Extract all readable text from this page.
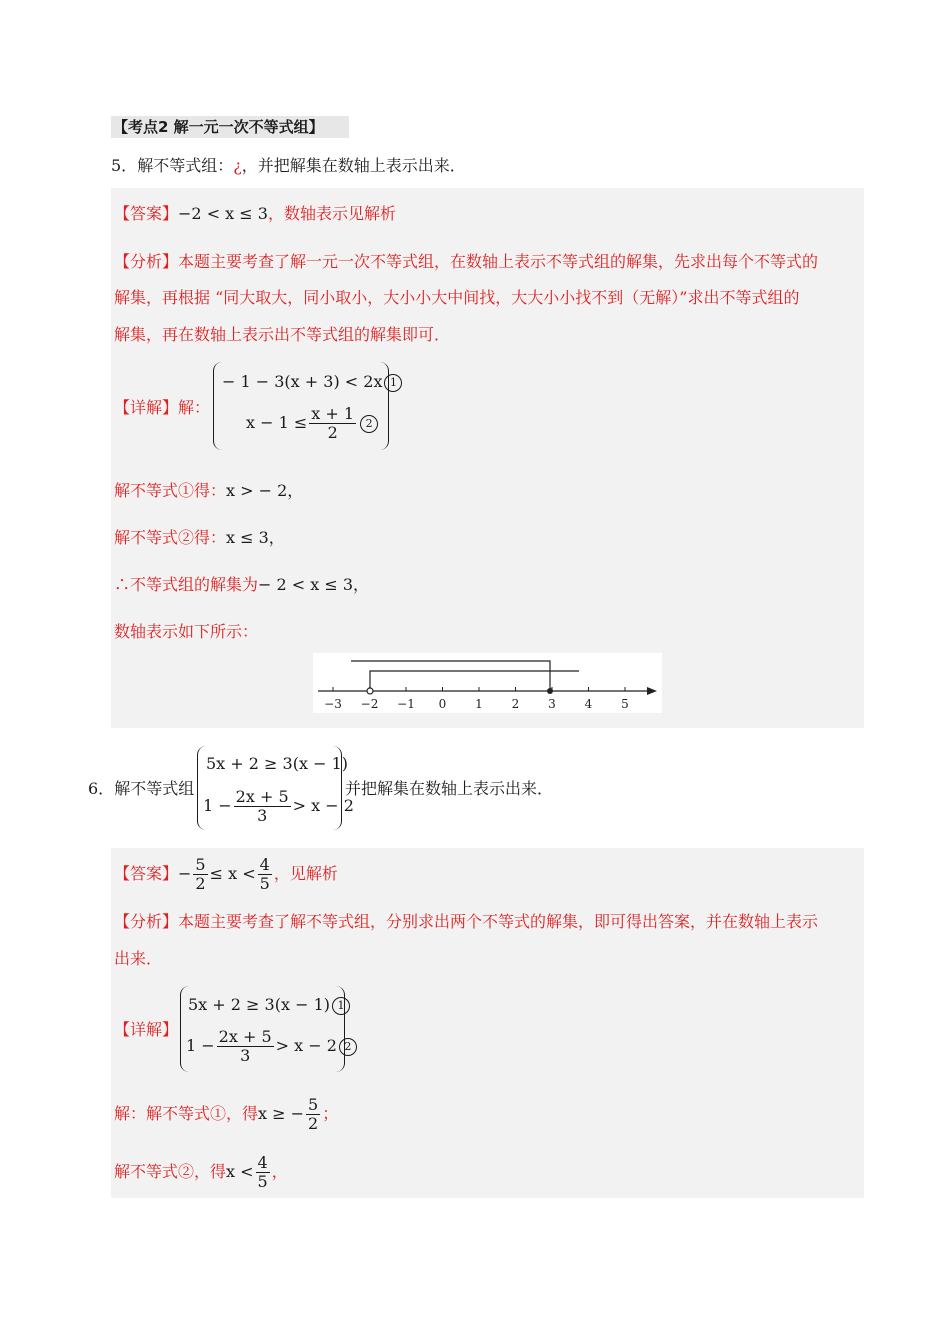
【考点2 解一元一次不等式组】
5．解不等式组：¿，并把解集在数轴上表示出来．
【答案】−2 < x ≤ 3，数轴表示见解析
【分析】本题主要考查了解一元一次不等式组，在数轴上表示不等式组的解集，先求出每个不等式的
解集，再根据 “同大取大，同小取小，大小小大中间找，大大小小找不到（无解）”求出不等式组的
解集，再在数轴上表示出不等式组的解集即可．
【详解】解：
− 1 − 3(x + 3) < 2x 1
$x - 1 \le \frac{x + 1}{2} 2$
解不等式①得：x > − 2，
解不等式②得：x ≤ 3，
∴不等式组的解集为− 2 < x ≤ 3，
数轴表示如下所示：
−3 −2 −1 0 1 2 3 4 5
6．解不等式组
5x + 2 ≥ 3(x − 1)
$1 - \frac{2x + 5}{3} > x - 2$
并把解集在数轴上表示出来．
【答案】− $\frac{5}{2} \le x < \frac{4}{5}$ ，见解析
【分析】本题主要考查了解不等式组，分别求出两个不等式的解集，即可得出答案，并在数轴上表示
出来．
【详解】
5x + 2 ≥ 3(x − 1) 1
$1 - \frac{2x + 5}{3} > x - 2$ 2
解：解不等式①，得x ≥ − $\frac{5}{2}$ ；
解不等式②，得$x < \frac{4}{5}$ ，
